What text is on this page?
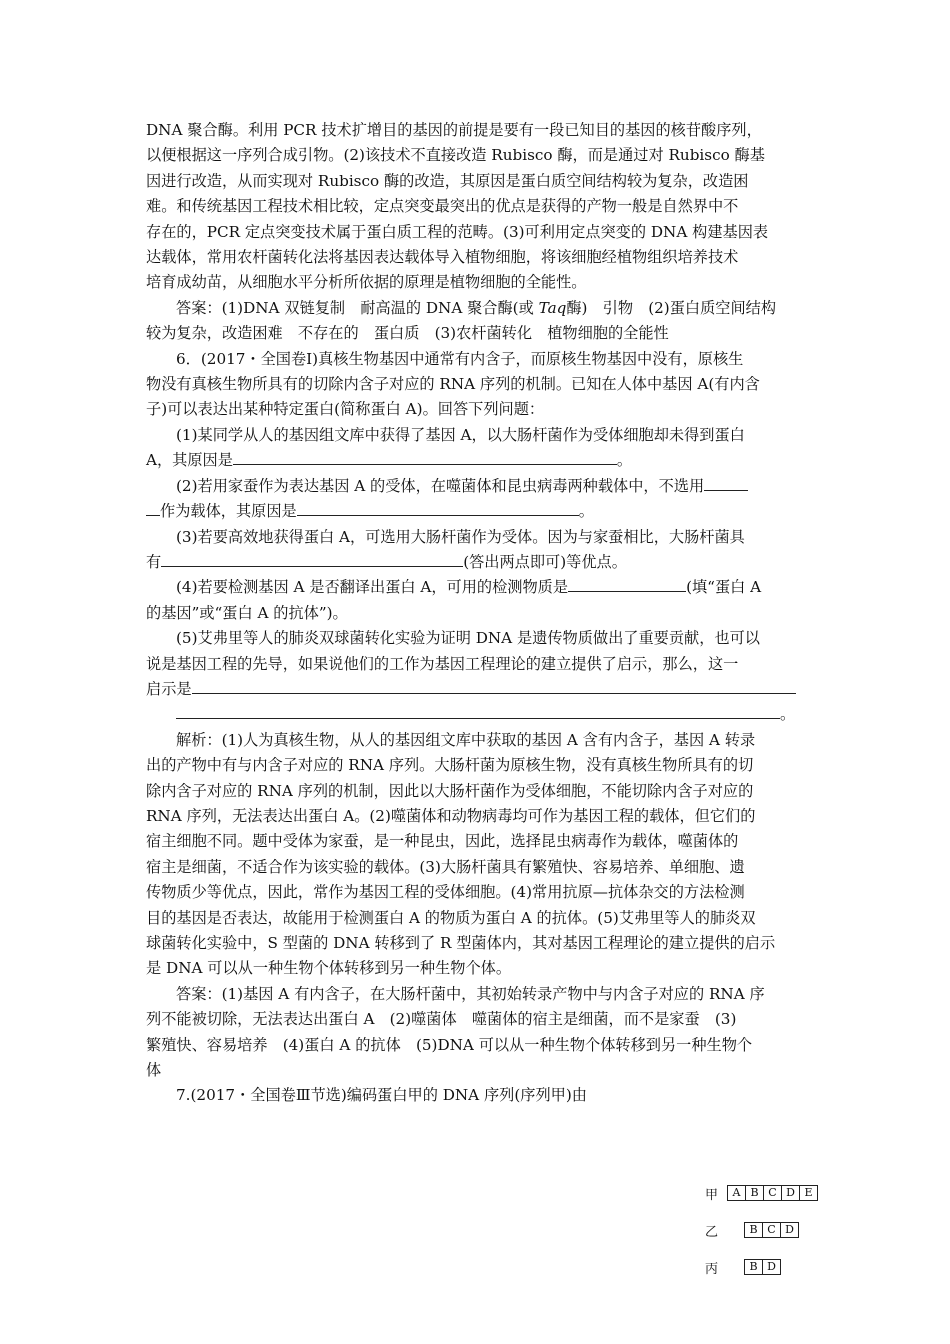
DNA 聚合酶。利用 PCR 技术扩增目的基因的前提是要有一段已知目的基因的核苷酸序列，

以便根据这一序列合成引物。(2)该技术不直接改造 Rubisco 酶，而是通过对 Rubisco 酶基

因进行改造，从而实现对 Rubisco 酶的改造，其原因是蛋白质空间结构较为复杂，改造困

难。和传统基因工程技术相比较，定点突变最突出的优点是获得的产物一般是自然界中不

存在的，PCR 定点突变技术属于蛋白质工程的范畴。(3)可利用定点突变的 DNA 构建基因表

达载体，常用农杆菌转化法将基因表达载体导入植物细胞，将该细胞经植物组织培养技术

培育成幼苗，从细胞水平分析所依据的原理是植物细胞的全能性。

答案：(1)DNA 双链复制　耐高温的 DNA 聚合酶(或 Taq酶)　引物　(2)蛋白质空间结构

较为复杂，改造困难　不存在的　蛋白质　(3)农杆菌转化　植物细胞的全能性

6．(2017・全国卷Ⅰ)真核生物基因中通常有内含子，而原核生物基因中没有，原核生

物没有真核生物所具有的切除内含子对应的 RNA 序列的机制。已知在人体中基因 A(有内含

子)可以表达出某种特定蛋白(简称蛋白 A)。回答下列问题：

(1)某同学从人的基因组文库中获得了基因 A，以大肠杆菌作为受体细胞却未得到蛋白

A，其原因是	。

(2)若用家蚕作为表达基因 A 的受体，在噬菌体和昆虫病毒两种载体中，不选用

作为载体，其原因是	。

(3)若要高效地获得蛋白 A，可选用大肠杆菌作为受体。因为与家蚕相比，大肠杆菌具

有	(答出两点即可)等优点。

(4)若要检测基因 A 是否翻译出蛋白 A，可用的检测物质是	(填“蛋白 A

的基因”或“蛋白 A 的抗体”)。

(5)艾弗里等人的肺炎双球菌转化实验为证明 DNA 是遗传物质做出了重要贡献，也可以

说是基因工程的先导，如果说他们的工作为基因工程理论的建立提供了启示，那么，这一

启示是

。

解析：(1)人为真核生物，从人的基因组文库中获取的基因 A 含有内含子，基因 A 转录

出的产物中有与内含子对应的 RNA 序列。大肠杆菌为原核生物，没有真核生物所具有的切

除内含子对应的 RNA 序列的机制，因此以大肠杆菌作为受体细胞，不能切除内含子对应的

RNA 序列，无法表达出蛋白 A。(2)噬菌体和动物病毒均可作为基因工程的载体，但它们的

宿主细胞不同。题中受体为家蚕，是一种昆虫，因此，选择昆虫病毒作为载体，噬菌体的

宿主是细菌，不适合作为该实验的载体。(3)大肠杆菌具有繁殖快、容易培养、单细胞、遗

传物质少等优点，因此，常作为基因工程的受体细胞。(4)常用抗原—抗体杂交的方法检测

目的基因是否表达，故能用于检测蛋白 A 的物质为蛋白 A 的抗体。(5)艾弗里等人的肺炎双

球菌转化实验中，S 型菌的 DNA 转移到了 R 型菌体内，其对基因工程理论的建立提供的启示

是 DNA 可以从一种生物个体转移到另一种生物个体。

答案：(1)基因 A 有内含子，在大肠杆菌中，其初始转录产物中与内含子对应的 RNA 序

列不能被切除，无法表达出蛋白 A　(2)噬菌体　噬菌体的宿主是细菌，而不是家蚕　(3)

繁殖快、容易培养　(4)蛋白 A 的抗体　(5)DNA 可以从一种生物个体转移到另一种生物个

体

7.(2017・全国卷Ⅲ节选)编码蛋白甲的 DNA 序列(序列甲)由

甲	A B C D E
乙	B C D
丙	B D
